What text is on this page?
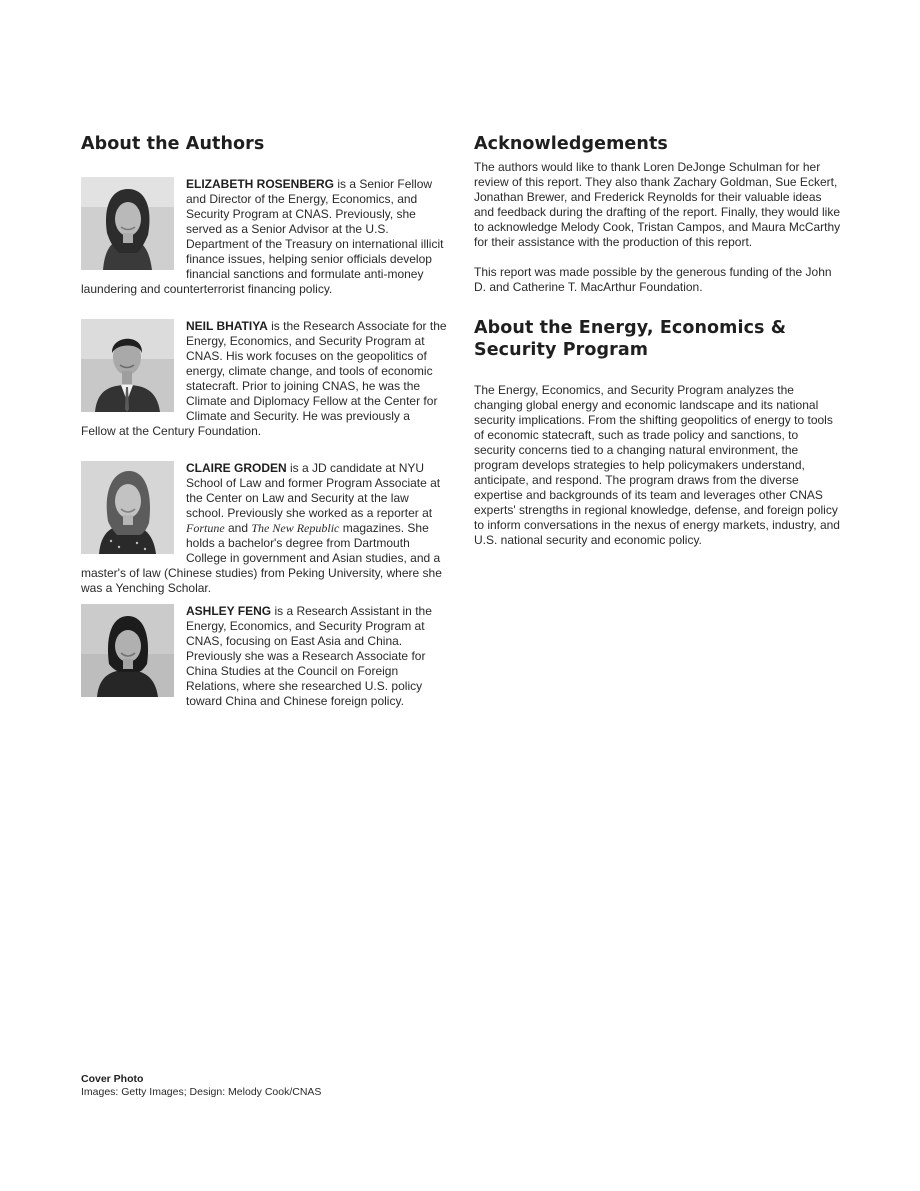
About the Authors
ELIZABETH ROSENBERG is a Senior Fellow and Director of the Energy, Economics, and Security Program at CNAS. Previously, she served as a Senior Advisor at the U.S. Department of the Treasury on international illicit finance issues, helping senior officials develop financial sanctions and formulate anti-money laundering and counterterrorist financing policy.
NEIL BHATIYA is the Research Associate for the Energy, Economics, and Security Program at CNAS. His work focuses on the geopolitics of energy, climate change, and tools of economic statecraft. Prior to joining CNAS, he was the Climate and Diplomacy Fellow at the Center for Climate and Security. He was previously a Fellow at the Century Foundation.
CLAIRE GRODEN is a JD candidate at NYU School of Law and former Program Associate at the Center on Law and Security at the law school. Previously she worked as a reporter at Fortune and The New Republic magazines. She holds a bachelor's degree from Dartmouth College in government and Asian studies, and a master's of law (Chinese studies) from Peking University, where she was a Yenching Scholar.
ASHLEY FENG is a Research Assistant in the Energy, Economics, and Security Program at CNAS, focusing on East Asia and China. Previously she was a Research Associate for China Studies at the Council on Foreign Relations, where she researched U.S. policy toward China and Chinese foreign policy.
Acknowledgements

The authors would like to thank Loren DeJonge Schulman for her review of this report. They also thank Zachary Goldman, Sue Eckert, Jonathan Brewer, and Frederick Reynolds for their valuable ideas and feedback during the drafting of the report. Finally, they would like to acknowledge Melody Cook, Tristan Campos, and Maura McCarthy for their assistance with the production of this report.

This report was made possible by the generous funding of the John D. and Catherine T. MacArthur Foundation.

About the Energy, Economics & Security Program

The Energy, Economics, and Security Program analyzes the changing global energy and economic landscape and its national security implications. From the shifting geopolitics of energy to tools of economic statecraft, such as trade policy and sanctions, to security concerns tied to a changing natural environment, the program develops strategies to help policymakers understand, anticipate, and respond. The program draws from the diverse expertise and backgrounds of its team and leverages other CNAS experts' strengths in regional knowledge, defense, and foreign policy to inform conversations in the nexus of energy markets, industry, and U.S. national security and economic policy.

Cover Photo
Images: Getty Images; Design: Melody Cook/CNAS
